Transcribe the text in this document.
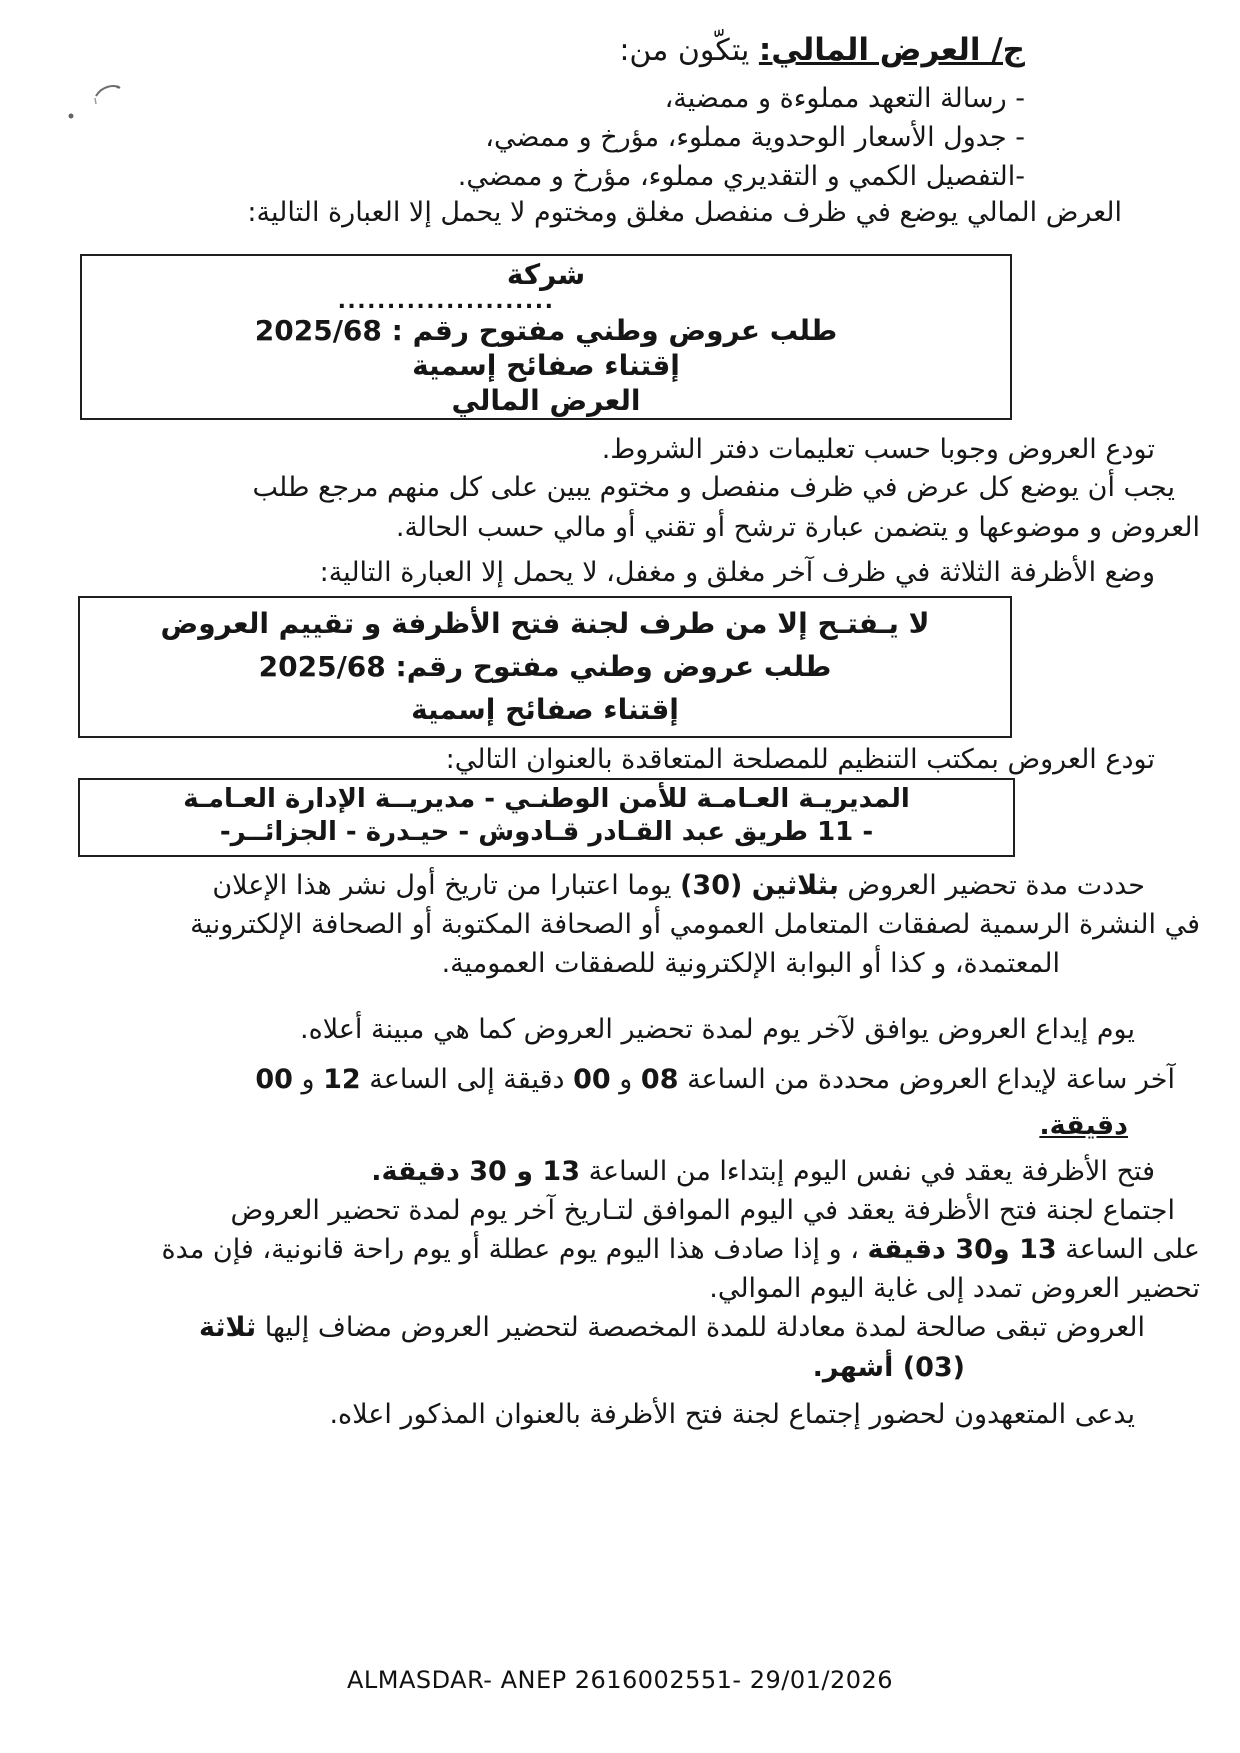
ج/ العرض المالي: يتكّون من:
- رسالة التعهد مملوءة و ممضية،
- جدول الأسعار الوحدوية مملوء، مؤرخ و ممضي،
-التفصيل الكمي و التقديري مملوء، مؤرخ و ممضي.
العرض المالي يوضع في ظرف منفصل مغلق ومختوم لا يحمل إلا العبارة التالية:
شركة
......................
طلب عروض وطني مفتوح رقم : 2025/68
إقتناء صفائح إسمية
العرض المالي
تودع العروض وجوبا حسب تعليمات دفتر الشروط.
يجب أن يوضع كل عرض في ظرف منفصل و مختوم يبين على كل منهم مرجع طلب
العروض و موضوعها و يتضمن عبارة ترشح أو تقني أو مالي حسب الحالة.
وضع الأظرفة الثلاثة في ظرف آخر مغلق و مغفل، لا يحمل إلا العبارة التالية:
لا يـفتـح إلا من طرف لجنة فتح الأظرفة و تقييم العروض
طلب عروض وطني مفتوح رقم: 2025/68
إقتناء صفائح إسمية
تودع العروض بمكتب التنظيم للمصلحة المتعاقدة بالعنوان التالي:
المديريـة العـامـة للأمن الوطنـي - مديريــة الإدارة العـامـة
- 11 طريق عبد القـادر قـادوش - حيـدرة - الجزائــر-
حددت مدة تحضير العروض بثلاثين (30) يوما اعتبارا من تاريخ أول نشر هذا الإعلان
في النشرة الرسمية لصفقات المتعامل العمومي أو الصحافة المكتوبة أو الصحافة الإلكترونية
المعتمدة، و كذا أو البوابة الإلكترونية للصفقات العمومية.
يوم إيداع العروض يوافق لآخر يوم لمدة تحضير العروض كما هي مبينة أعلاه.
آخر ساعة لإيداع العروض محددة من الساعة 08 و 00 دقيقة إلى الساعة 12 و 00
دقيقة.
فتح الأظرفة يعقد في نفس اليوم إبتداءا من الساعة 13 و 30 دقيقة.
اجتماع لجنة فتح الأظرفة يعقد في اليوم الموافق لتـاريخ آخر يوم لمدة تحضير العروض
على الساعة 13 و30 دقيقة ، و إذا صادف هذا اليوم يوم عطلة أو يوم راحة قانونية، فإن مدة
تحضير العروض تمدد إلى غاية اليوم الموالي.
العروض تبقى صالحة لمدة معادلة للمدة المخصصة لتحضير العروض مضاف إليها ثلاثة
(03) أشهر.
يدعى المتعهدون لحضور إجتماع لجنة فتح الأظرفة بالعنوان المذكور اعلاه.
ALMASDAR- ANEP 2616002551- 29/01/2026
